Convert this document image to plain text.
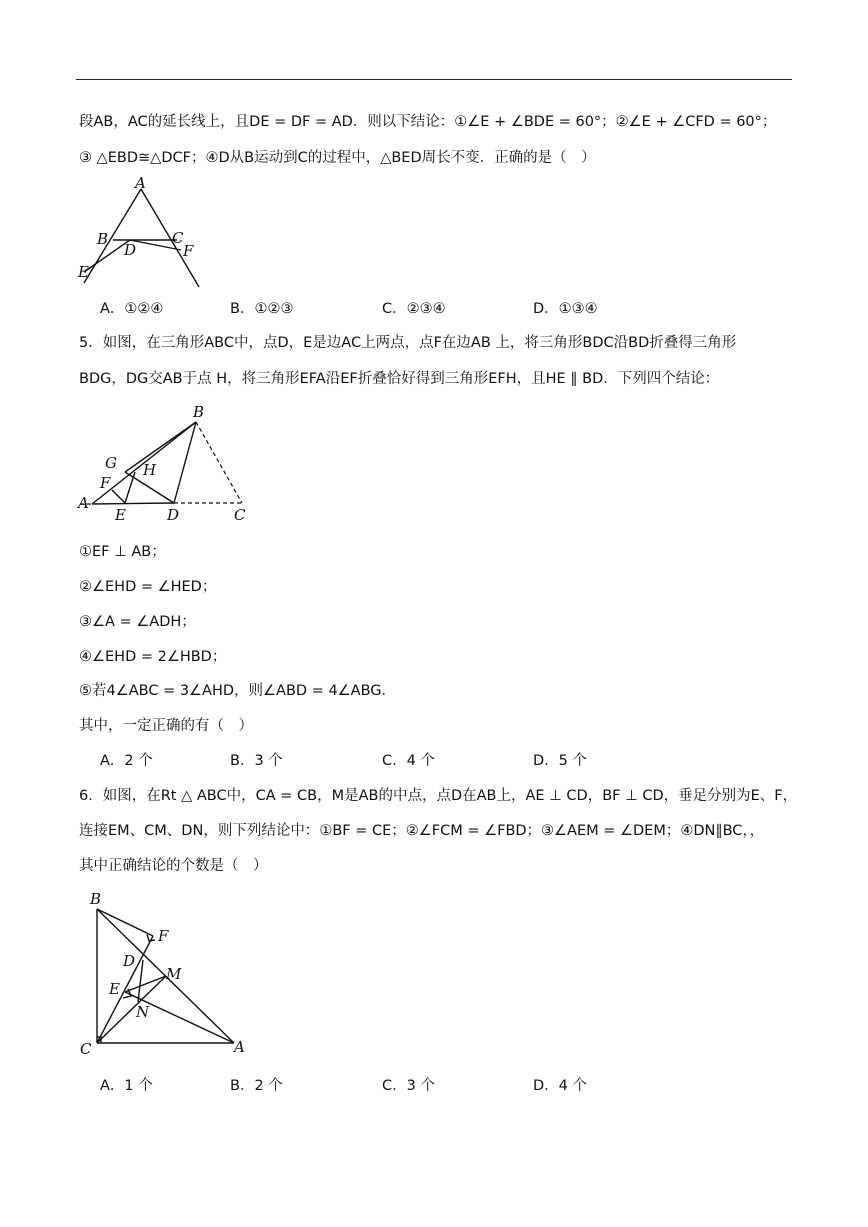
段AB，AC的延长线上，且DE = DF = AD．则以下结论：①∠E + ∠BDE = 60°；②∠E + ∠CFD = 60°；
③ △EBD≅△DCF；④D从B运动到C的过程中，△BED周长不变．正确的是（　）
A
B	C
D
E
F
A．①②④	B．①②③	C．②③④	D．①③④
5．如图，在三角形ABC中，点D，E是边AC上两点，点F在边AB 上，将三角形BDC沿BD折叠得三角形
BDG，DG交AB于点 H，将三角形EFA沿EF折叠恰好得到三角形EFH，且HE ∥ BD．下列四个结论：
B
G H
F
A
E	D	C
①EF ⊥ AB；
②∠EHD = ∠HED；
③∠A = ∠ADH；
④∠EHD = 2∠HBD；
⑤若4∠ABC = 3∠AHD，则∠ABD = 4∠ABG．
其中，一定正确的有（　）
A．2 个	B．3 个	C．4 个	D．5 个
6．如图，在Rt △ ABC中，CA = CB，M是AB的中点，点D在AB上，AE ⊥ CD，BF ⊥ CD，垂足分别为E、F，
连接EM、CM、DN，则下列结论中：①BF = CE；②∠FCM = ∠FBD；③∠AEM = ∠DEM；④DN∥BC，，
其中正确结论的个数是（　）
B
F
D
M
E
N
C	A
A．1 个	B．2 个	C．3 个	D．4 个
